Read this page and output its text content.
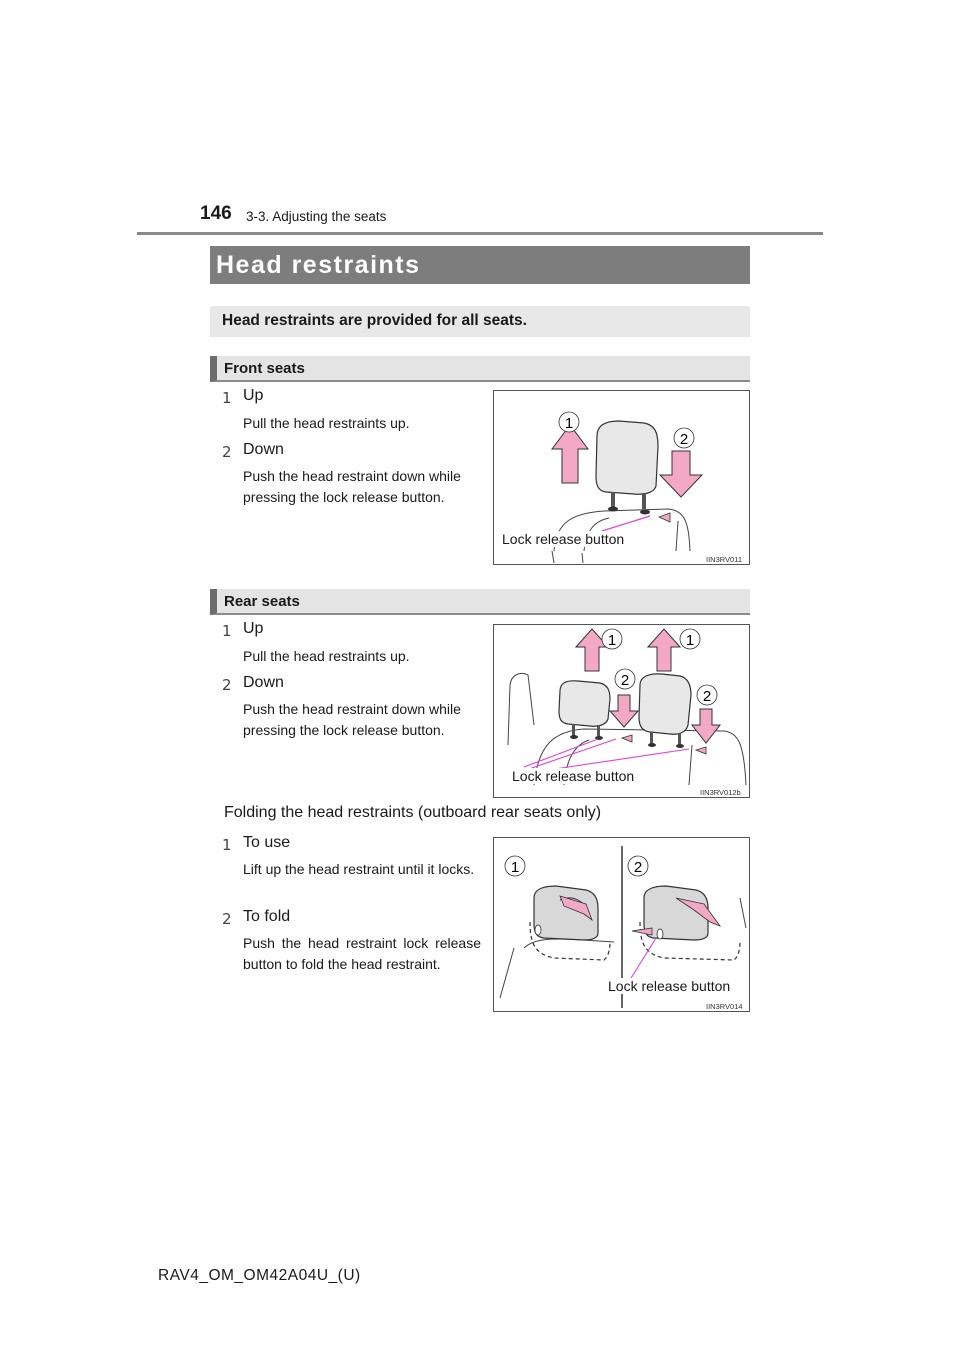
146 3-3. Adjusting the seats
Head restraints
Head restraints are provided for all seats.
Front seats
1 Up
Pull the head restraints up.
2 Down
Push the head restraint down while
pressing the lock release button.
1
2
Lock release button
IIN3RV011
Rear seats
1 Up
Pull the head restraints up.
2 Down
Push the head restraint down while
pressing the lock release button.
1	1
2
2
Lock release button
IIN3RV012b
Folding the head restraints (outboard rear seats only)
1 To use
Lift up the head restraint until it locks.
2 To fold
Push the head restraint lock release button to fold the head restraint.
1	2
Lock release button
IIN3RV014
RAV4_OM_OM42A04U_(U)
